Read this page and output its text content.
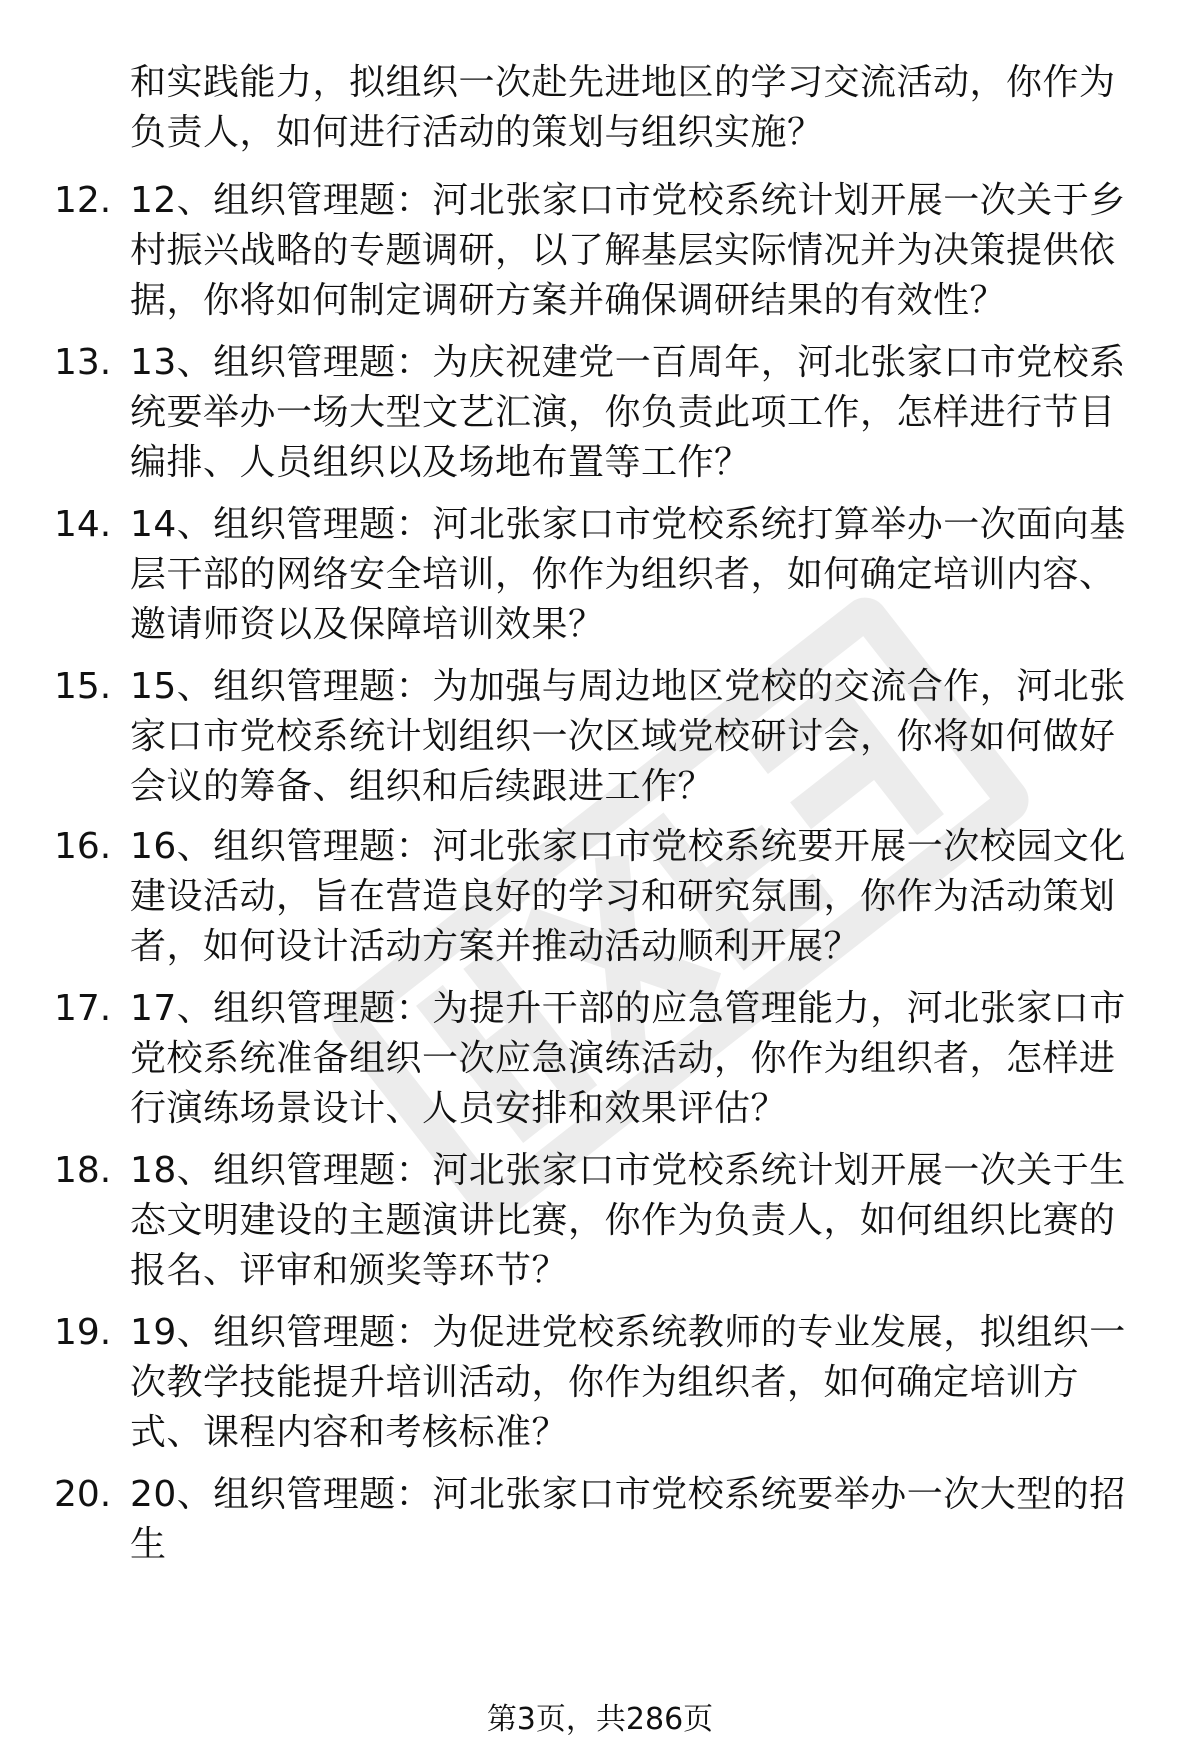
和实践能力，拟组织一次赴先进地区的学习交流活动，你作为负责人，如何进行活动的策划与组织实施？
12. 12、组织管理题：河北张家口市党校系统计划开展一次关于乡村振兴战略的专题调研，以了解基层实际情况并为决策提供依据，你将如何制定调研方案并确保调研结果的有效性？
13. 13、组织管理题：为庆祝建党一百周年，河北张家口市党校系统要举办一场大型文艺汇演，你负责此项工作，怎样进行节目编排、人员组织以及场地布置等工作？
14. 14、组织管理题：河北张家口市党校系统打算举办一次面向基层干部的网络安全培训，你作为组织者，如何确定培训内容、邀请师资以及保障培训效果？
15. 15、组织管理题：为加强与周边地区党校的交流合作，河北张家口市党校系统计划组织一次区域党校研讨会，你将如何做好会议的筹备、组织和后续跟进工作？
16. 16、组织管理题：河北张家口市党校系统要开展一次校园文化建设活动，旨在营造良好的学习和研究氛围，你作为活动策划者，如何设计活动方案并推动活动顺利开展？
17. 17、组织管理题：为提升干部的应急管理能力，河北张家口市党校系统准备组织一次应急演练活动，你作为组织者，怎样进行演练场景设计、人员安排和效果评估？
18. 18、组织管理题：河北张家口市党校系统计划开展一次关于生态文明建设的主题演讲比赛，你作为负责人，如何组织比赛的报名、评审和颁奖等环节？
19. 19、组织管理题：为促进党校系统教师的专业发展，拟组织一次教学技能提升培训活动，你作为组织者，如何确定培训方式、课程内容和考核标准？
20. 20、组织管理题：河北张家口市党校系统要举办一次大型的招生
第3页，共286页
